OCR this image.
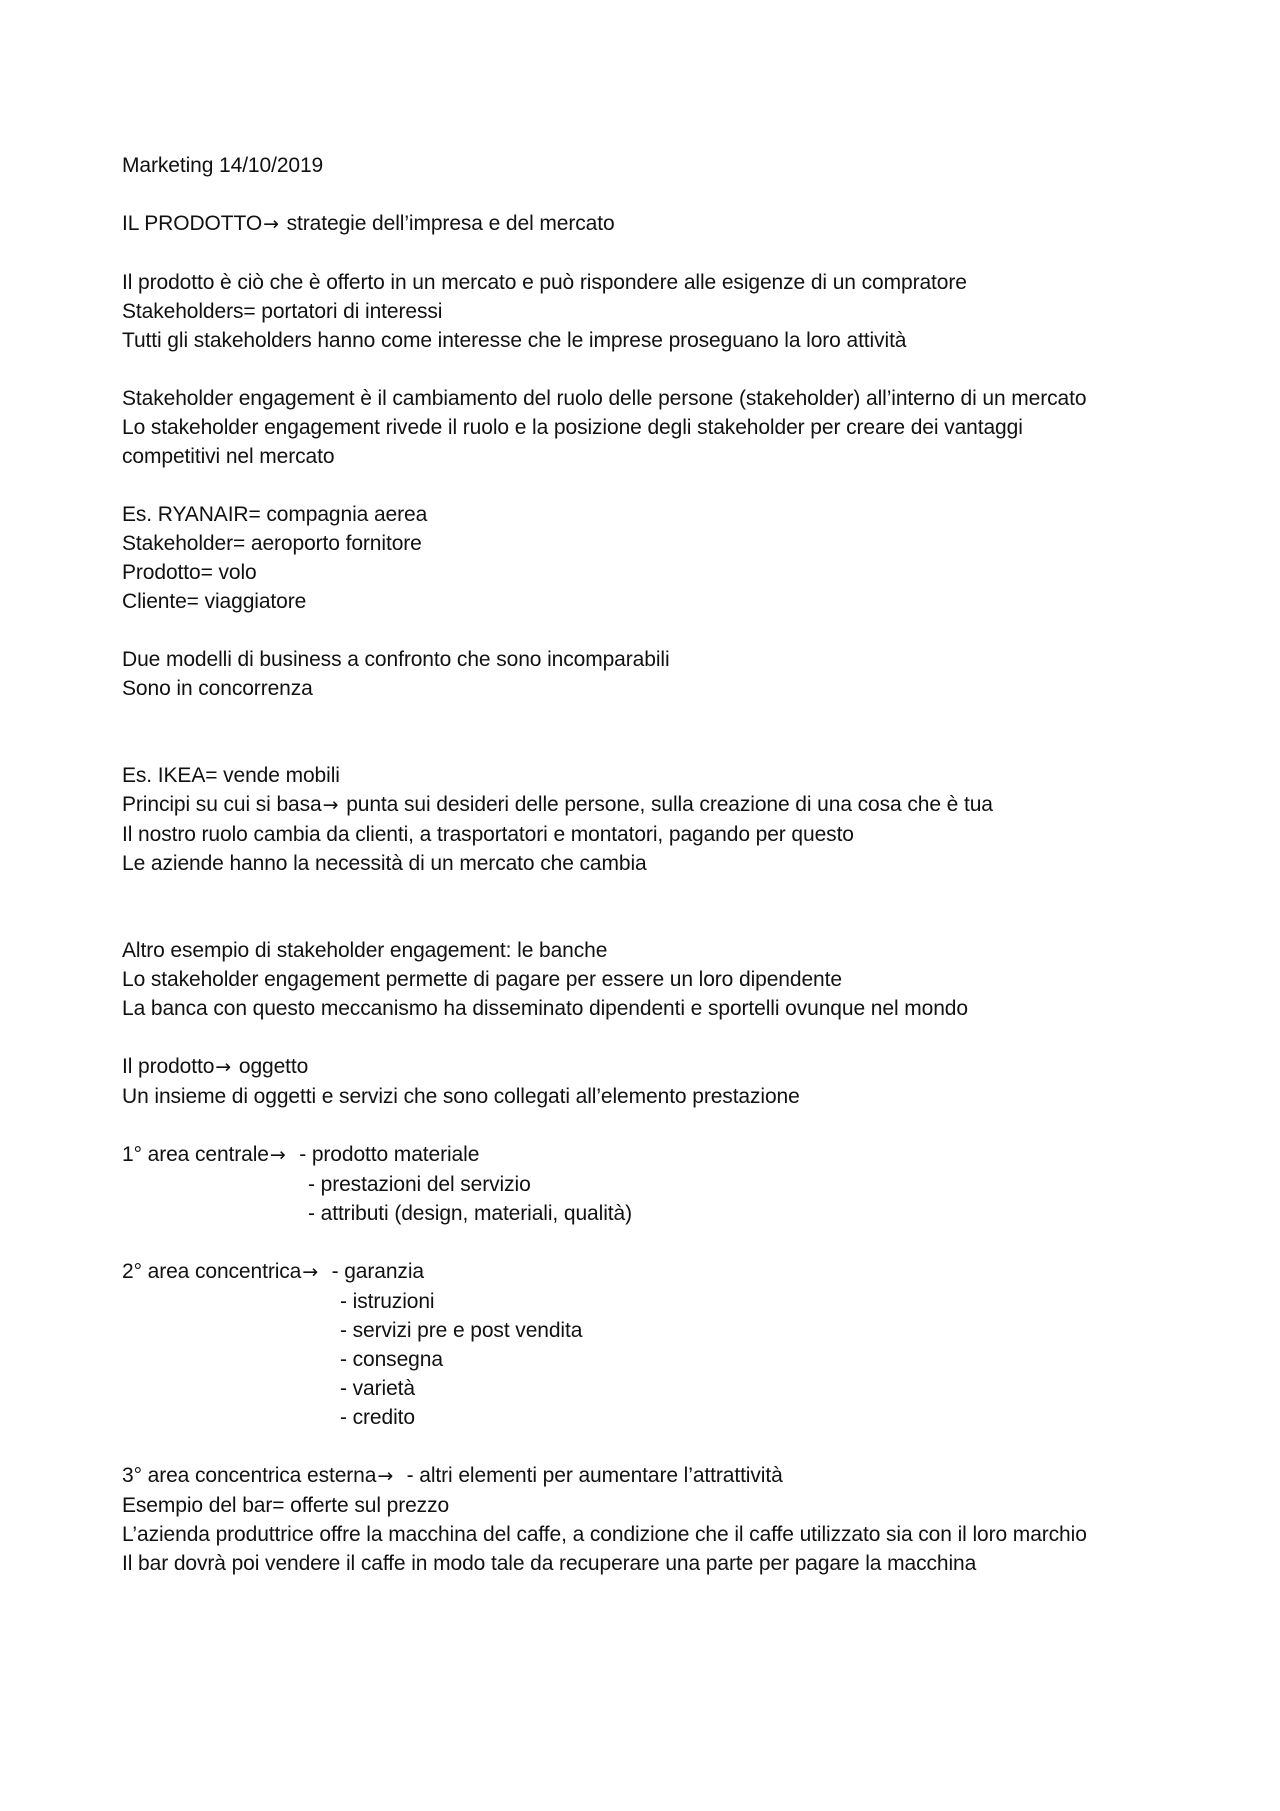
Marketing 14/10/2019
IL PRODOTTO→ strategie dell’impresa e del mercato
Il prodotto è ciò che è offerto in un mercato e può rispondere alle esigenze di un compratore
Stakeholders= portatori di interessi
Tutti gli stakeholders hanno come interesse che le imprese proseguano la loro attività
Stakeholder engagement è il cambiamento del ruolo delle persone (stakeholder) all’interno di un mercato
Lo stakeholder engagement rivede il ruolo e la posizione degli stakeholder per creare dei vantaggi
competitivi nel mercato
Es. RYANAIR= compagnia aerea
Stakeholder= aeroporto fornitore
Prodotto= volo
Cliente= viaggiatore
Due modelli di business a confronto che sono incomparabili
Sono in concorrenza
Es. IKEA= vende mobili
Principi su cui si basa→ punta sui desideri delle persone, sulla creazione di una cosa che è tua
Il nostro ruolo cambia da clienti, a trasportatori e montatori, pagando per questo
Le aziende hanno la necessità di un mercato che cambia
Altro esempio di stakeholder engagement: le banche
Lo stakeholder engagement permette di pagare per essere un loro dipendente
La banca con questo meccanismo ha disseminato dipendenti e sportelli ovunque nel mondo
Il prodotto→ oggetto
Un insieme di oggetti e servizi che sono collegati all’elemento prestazione
1° area centrale→  - prodotto materiale
- prestazioni del servizio
- attributi (design, materiali, qualità)
2° area concentrica→  - garanzia
- istruzioni
- servizi pre e post vendita
- consegna
- varietà
- credito
3° area concentrica esterna→  - altri elementi per aumentare l’attrattività
Esempio del bar= offerte sul prezzo
L’azienda produttrice offre la macchina del caffe, a condizione che il caffe utilizzato sia con il loro marchio
Il bar dovrà poi vendere il caffe in modo tale da recuperare una parte per pagare la macchina
